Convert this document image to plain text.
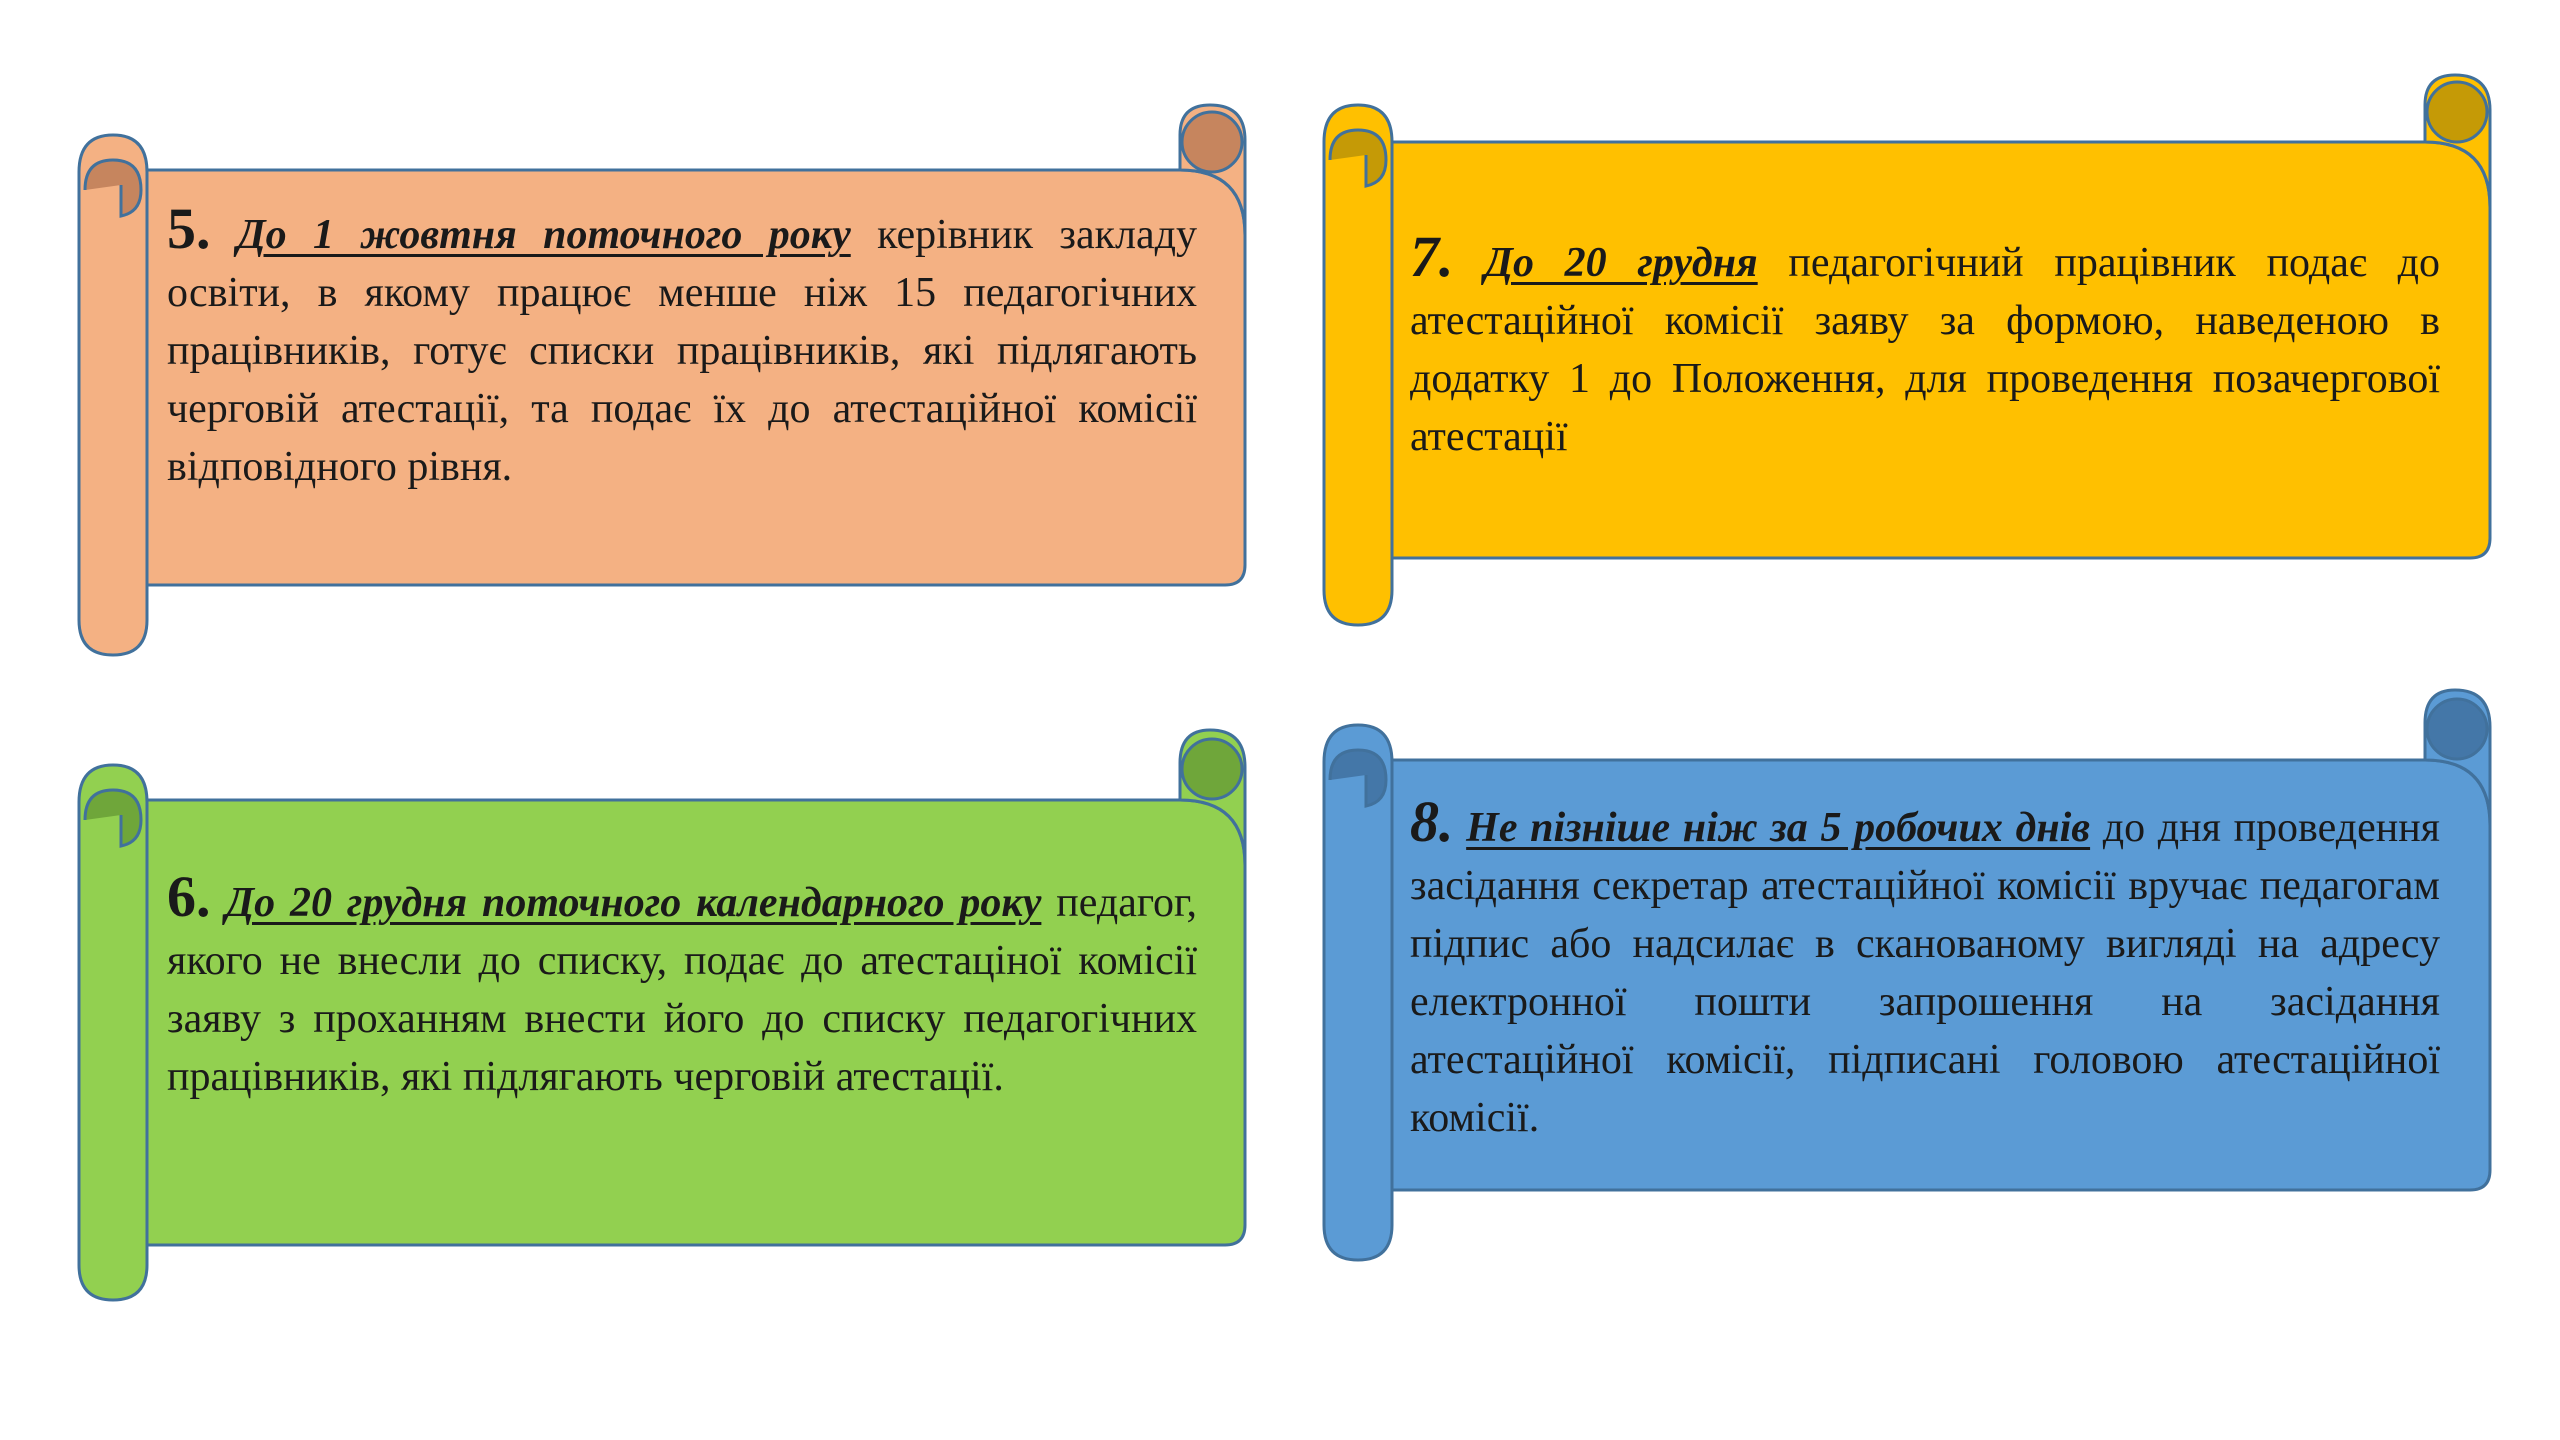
5. До 1 жовтня поточного року керівник закладу освіти, в якому працює менше ніж 15 педагогічних працівників, готує списки працівників, які підлягають черговій атестації, та подає їх до атестаційної комісії відповідного рівня.
7. До 20 грудня педагогічний працівник подає до атестаційної комісії заяву за формою, наведеною в додатку 1 до Положення, для проведення позачергової атестації
6. До 20 грудня поточного календарного року педагог, якого не внесли до списку, подає до атестаціної комісії заяву з проханням внести його до списку педагогічних працівників, які підлягають черговій атестації.
8. Не пізніше ніж за 5 робочих днів до дня проведення засідання секретар атестаційної комісії вручає педагогам підпис або надсилає в сканованому вигляді на адресу електронної пошти запрошення на засідання атестаційної комісії, підписані головою атестаційної комісії.
